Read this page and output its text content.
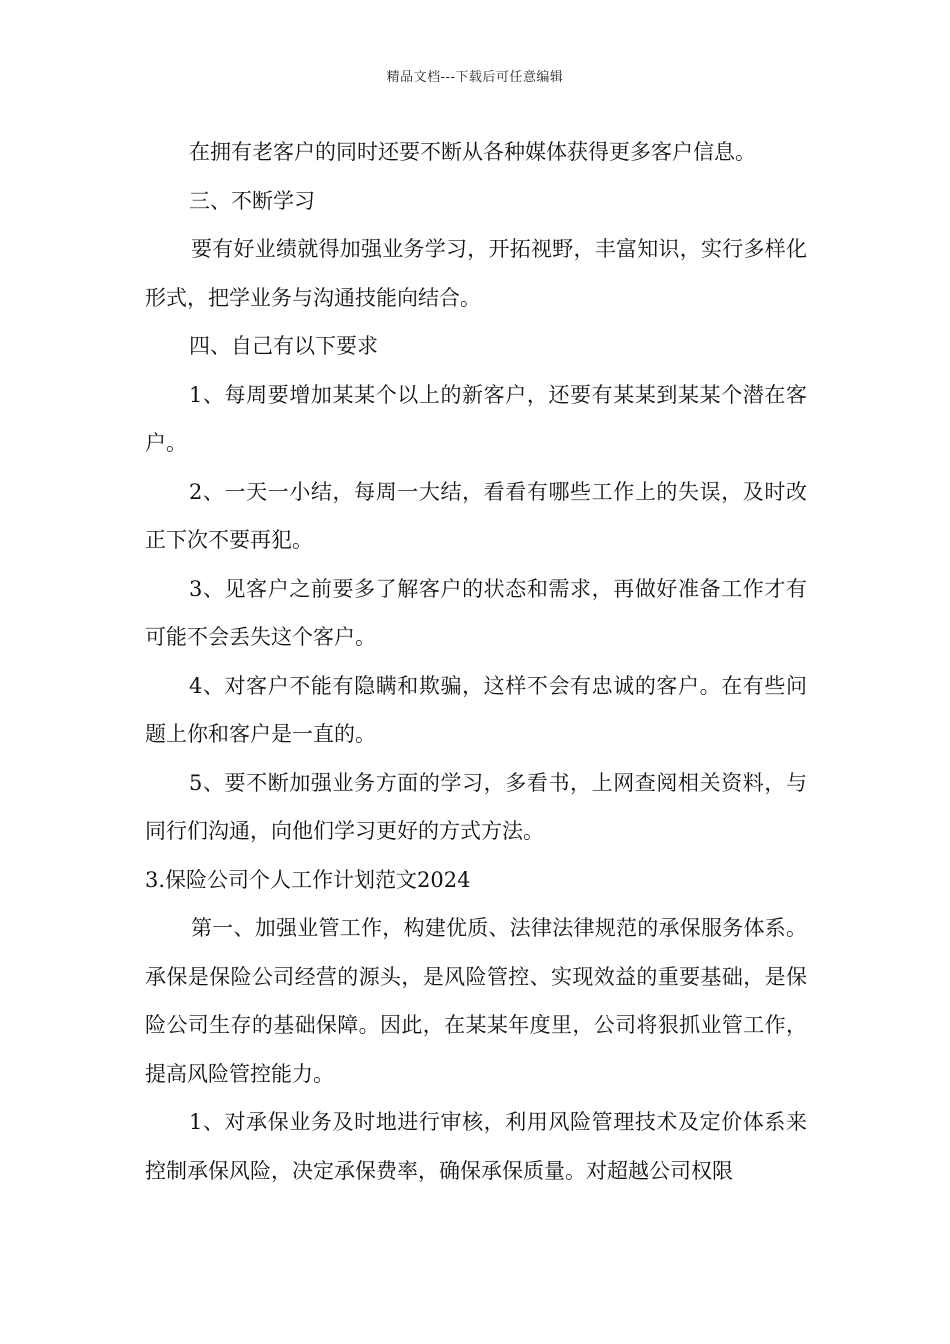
精品文档---下载后可任意编辑

在拥有老客户的同时还要不断从各种媒体获得更多客户信息。

三、不断学习

要有好业绩就得加强业务学习，开拓视野，丰富知识，实行多样化形式，把学业务与沟通技能向结合。

四、自己有以下要求

1、每周要增加某某个以上的新客户，还要有某某到某某个潜在客户。

2、一天一小结，每周一大结，看看有哪些工作上的失误，及时改正下次不要再犯。

3、见客户之前要多了解客户的状态和需求，再做好准备工作才有可能不会丢失这个客户。

4、对客户不能有隐瞒和欺骗，这样不会有忠诚的客户。在有些问题上你和客户是一直的。

5、要不断加强业务方面的学习，多看书，上网查阅相关资料，与同行们沟通，向他们学习更好的方式方法。

3.保险公司个人工作计划范文2024

第一、加强业管工作，构建优质、法律法律规范的承保服务体系。承保是保险公司经营的源头，是风险管控、实现效益的重要基础，是保险公司生存的基础保障。因此，在某某年度里，公司将狠抓业管工作，提高风险管控能力。

1、对承保业务及时地进行审核，利用风险管理技术及定价体系来控制承保风险，决定承保费率，确保承保质量。对超越公司权限
